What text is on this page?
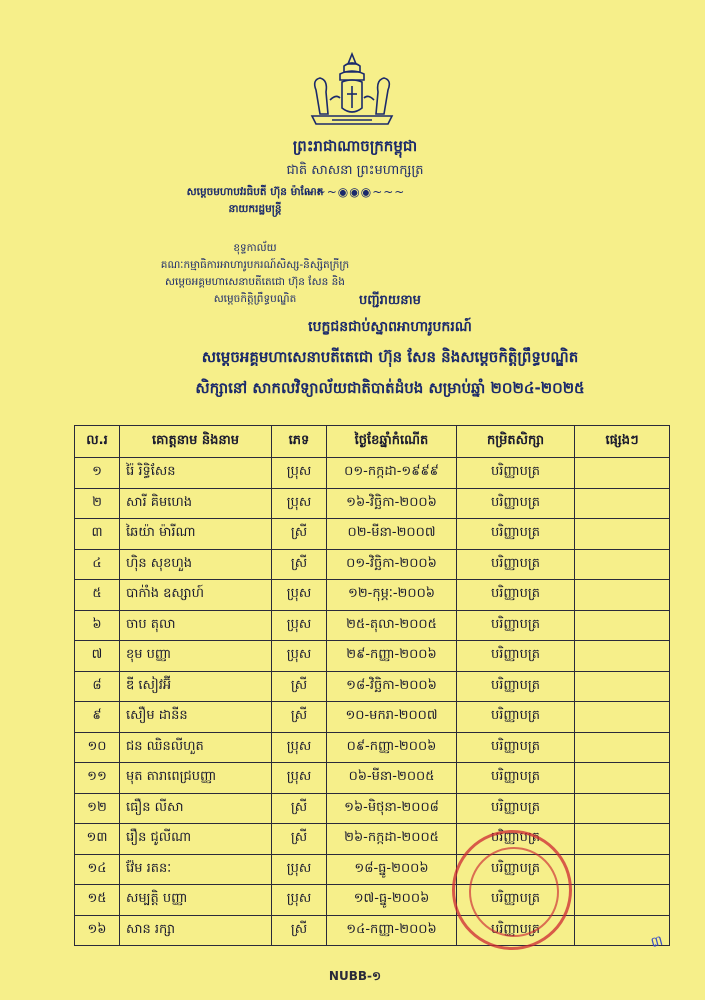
ព្រះរាជាណាចក្រកម្ពុជា
ជាតិ សាសនា ព្រះមហាក្សត្រ
~~~◉◉◉~~~
សម្តេចមហាបវរធិបតី ហ៊ុន ម៉ាណែត
នាយករដ្ឋមន្ត្រី
ខុទ្ទកាល័យ
គណៈកម្មាធិការអាហារូបករណ៍សិស្ស-និស្សិតក្រីក្រ
សម្តេចអគ្គមហាសេនាបតីតេជោ ហ៊ុន សែន និង
សម្តេចកិត្តិព្រឹទ្ធបណ្ឌិត	បញ្ជីរាយនាម
បេក្ខជនជាប់ស្នាពអាហារូបករណ៍
សម្តេចអគ្គមហាសេនាបតីតេជោ ហ៊ុន សែន និងសម្តេចកិត្តិព្រឹទ្ធបណ្ឌិត
សិក្សានៅ សាកលវិទ្យាល័យជាតិបាត់ដំបង សម្រាប់ឆ្នាំ ២០២៤-២០២៥
ល.រ	គោត្តនាម និងនាម	ភេទ	ថ្ងៃខែឆ្នាំកំណើត	កម្រិតសិក្សា	ផ្សេងៗ
១	រ៉ៃ រិទ្ធិសែន	ប្រុស	០១-កក្កដា-១៩៩៩	បរិញ្ញាបត្រ	
២	សារី គិមហេង	ប្រុស	១៦-វិច្ឆិកា-២០០៦	បរិញ្ញាបត្រ	
៣	ឆៃយ៉ា ម៉ារីណា	ស្រី	០២-មីនា-២០០៧	បរិញ្ញាបត្រ	
៤	ហ៊ិន សុខហួង	ស្រី	០១-វិច្ឆិកា-២០០៦	បរិញ្ញាបត្រ	
៥	បាក់ាំង ឧស្សាហ៍	ប្រុស	១២-កុម្ភៈ-២០០៦	បរិញ្ញាបត្រ	
៦	ចាប តុលា	ប្រុស	២៥-តុលា-២០០៥	បរិញ្ញាបត្រ	
៧	ខុម បញ្ញា	ប្រុស	២៩-កញ្ញា-២០០៦	បរិញ្ញាបត្រ	
៨	ឌី សៀវអ៊ី	ស្រី	១៨-វិច្ឆិកា-២០០៦	បរិញ្ញាបត្រ	
៩	សឿម ដានីន	ស្រី	១០-មករា-២០០៧	បរិញ្ញាបត្រ	
១០	ជន ឈិនលីហួត	ប្រុស	០៩-កញ្ញា-២០០៦	បរិញ្ញាបត្រ	
១១	មុត តារាពេជ្របញ្ញា	ប្រុស	០៦-មីនា-២០០៥	បរិញ្ញាបត្រ	
១២	ធឿន លីសា	ស្រី	១៦-មិថុនា-២០០៨	បរិញ្ញាបត្រ	
១៣	រឿន ជូលីណា	ស្រី	២៦-កក្កដា-២០០៥	បរិញ្ញាបត្រ	
១៤	វ៉ែម រតនៈ	ប្រុស	១៨-ធ្នូ-២០០៦	បរិញ្ញាបត្រ	
១៥	សម្បត្តិ បញ្ញា	ប្រុស	១៧-ធ្នូ-២០០៦	បរិញ្ញាបត្រ	
១៦	សាន រក្សា	ស្រី	១៤-កញ្ញា-២០០៦	បរិញ្ញាបត្រ	
NUBB-១
៣
